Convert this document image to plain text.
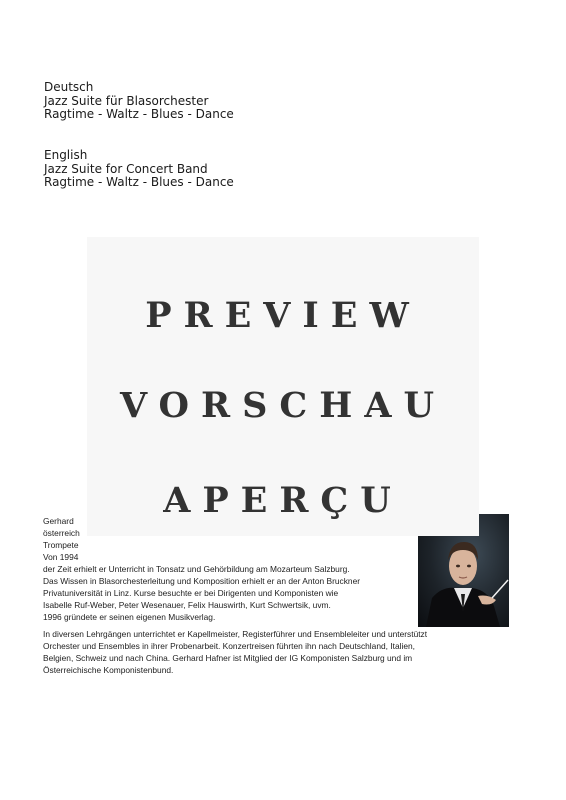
Deutsch
Jazz Suite für Blasorchester
Ragtime - Waltz - Blues - Dance
English
Jazz Suite for Concert Band
Ragtime - Waltz - Blues - Dance
Gerhard
österreich
Trompete
Von 1994
der Zeit erhielt er Unterricht in Tonsatz und Gehörbildung am Mozarteum Salzburg.
Das Wissen in Blasorchesterleitung und Komposition erhielt er an der Anton Bruckner
Privatuniversität in Linz. Kurse besuchte er bei Dirigenten und Komponisten wie
Isabelle Ruf-Weber, Peter Wesenauer, Felix Hauswirth, Kurt Schwertsik, uvm.
1996 gründete er seinen eigenen Musikverlag.
In diversen Lehrgängen unterrichtet er Kapellmeister, Registerführer und Ensembleleiter und unterstützt
Orchester und Ensembles in ihrer Probenarbeit. Konzertreisen führten ihn nach Deutschland, Italien,
Belgien, Schweiz und nach China. Gerhard Hafner ist Mitglied der IG Komponisten Salzburg und im
Österreichische Komponistenbund.
PREVIEW
VORSCHAU
APERÇU
